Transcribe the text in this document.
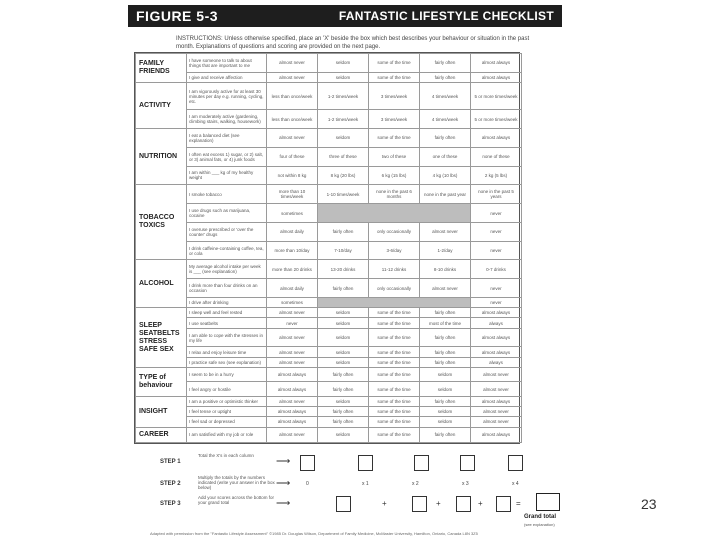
FIGURE 5-3	FANTASTIC LIFESTYLE CHECKLIST
INSTRUCTIONS: Unless otherwise specified, place an 'X' beside the box which best describes your behaviour or situation in the past month. Explanations of questions and scoring are provided on the next page.
FAMILY FRIENDS	I have someone to talk to about things that are important to me	almost never	seldom	some of the time	fairly often	almost always
	I give and receive affection	almost never	seldom	some of the time	fairly often	almost always
ACTIVITY	I am vigorously active for at least 30 minutes per day e.g. running, cycling, etc.	less than once/week	1-2 times/week	3 times/week	4 times/week	5 or more times/week
	I am moderately active (gardening, climbing stairs, walking, housework)	less than once/week	1-2 times/week	3 times/week	4 times/week	5 or more times/week
NUTRITION	I eat a balanced diet (see explanation)	almost never	seldom	some of the time	fairly often	almost always
	I often eat excess 1) sugar, or 2) salt, or 3) animal fats, or 4) junk foods	four of these	three of these	two of these	one of these	none of these
	I am within ___ kg of my healthy weight	not within 8 kg	8 kg (20 lbs)	6 kg (15 lbs)	4 kg (10 lbs)	2 kg (5 lbs)
TOBACCO TOXICS	I smoke tobacco	more than 10 times/week	1-10 times/week	none in the past 6 months	none in the past year	none in the past 5 years
	I use drugs such as marijuana, cocaine	sometimes				never
	I overuse prescribed or 'over the counter' drugs	almost daily	fairly often	only occasionally	almost never	never
	I drink caffeine-containing coffee, tea, or cola	more than 10/day	7-10/day	3-6/day	1-2/day	never
ALCOHOL	My average alcohol intake per week is ___ (see explanation)	more than 20 drinks	13-20 drinks	11-12 drinks	8-10 drinks	0-7 drinks
	I drink more than four drinks on an occasion	almost daily	fairly often	only occasionally	almost never	never
	I drive after drinking	sometimes				never
SLEEP SEATBELTS STRESS SAFE SEX	I sleep well and feel rested	almost never	seldom	some of the time	fairly often	almost always
	I use seatbelts	never	seldom	some of the time	most of the time	always
	I am able to cope with the stresses in my life	almost never	seldom	some of the time	fairly often	almost always
	I relax and enjoy leisure time	almost never	seldom	some of the time	fairly often	almost always
	I practice safe sex (see explanation)	almost never	seldom	some of the time	fairly often	always
TYPE of behaviour	I seem to be in a hurry	almost always	fairly often	some of the time	seldom	almost never
	I feel angry or hostile	almost always	fairly often	some of the time	seldom	almost never
INSIGHT	I am a positive or optimistic thinker	almost never	seldom	some of the time	fairly often	almost always
	I feel tense or uptight	almost always	fairly often	some of the time	seldom	almost never
	I feel sad or depressed	almost always	fairly often	some of the time	seldom	almost never
CAREER	I am satisfied with my job or role	almost never	seldom	some of the time	fairly often	almost always
STEP 1
Total the X's in each column
⟶
STEP 2
Multiply the totals by the numbers indicated (write your answer in the box below)	⟶	0	x 1	x 2	x 3	x 4
STEP 3
Add your scores across the bottom for your grand total	⟶	+	+	+	=
Grand total
(see explanation)
Adapted with permission from the "Fantastic Lifestyle Assessment" ©1985 Dr. Douglas Wilson, Department of Family Medicine, McMaster University, Hamilton, Ontario, Canada L8N 3Z5
23
